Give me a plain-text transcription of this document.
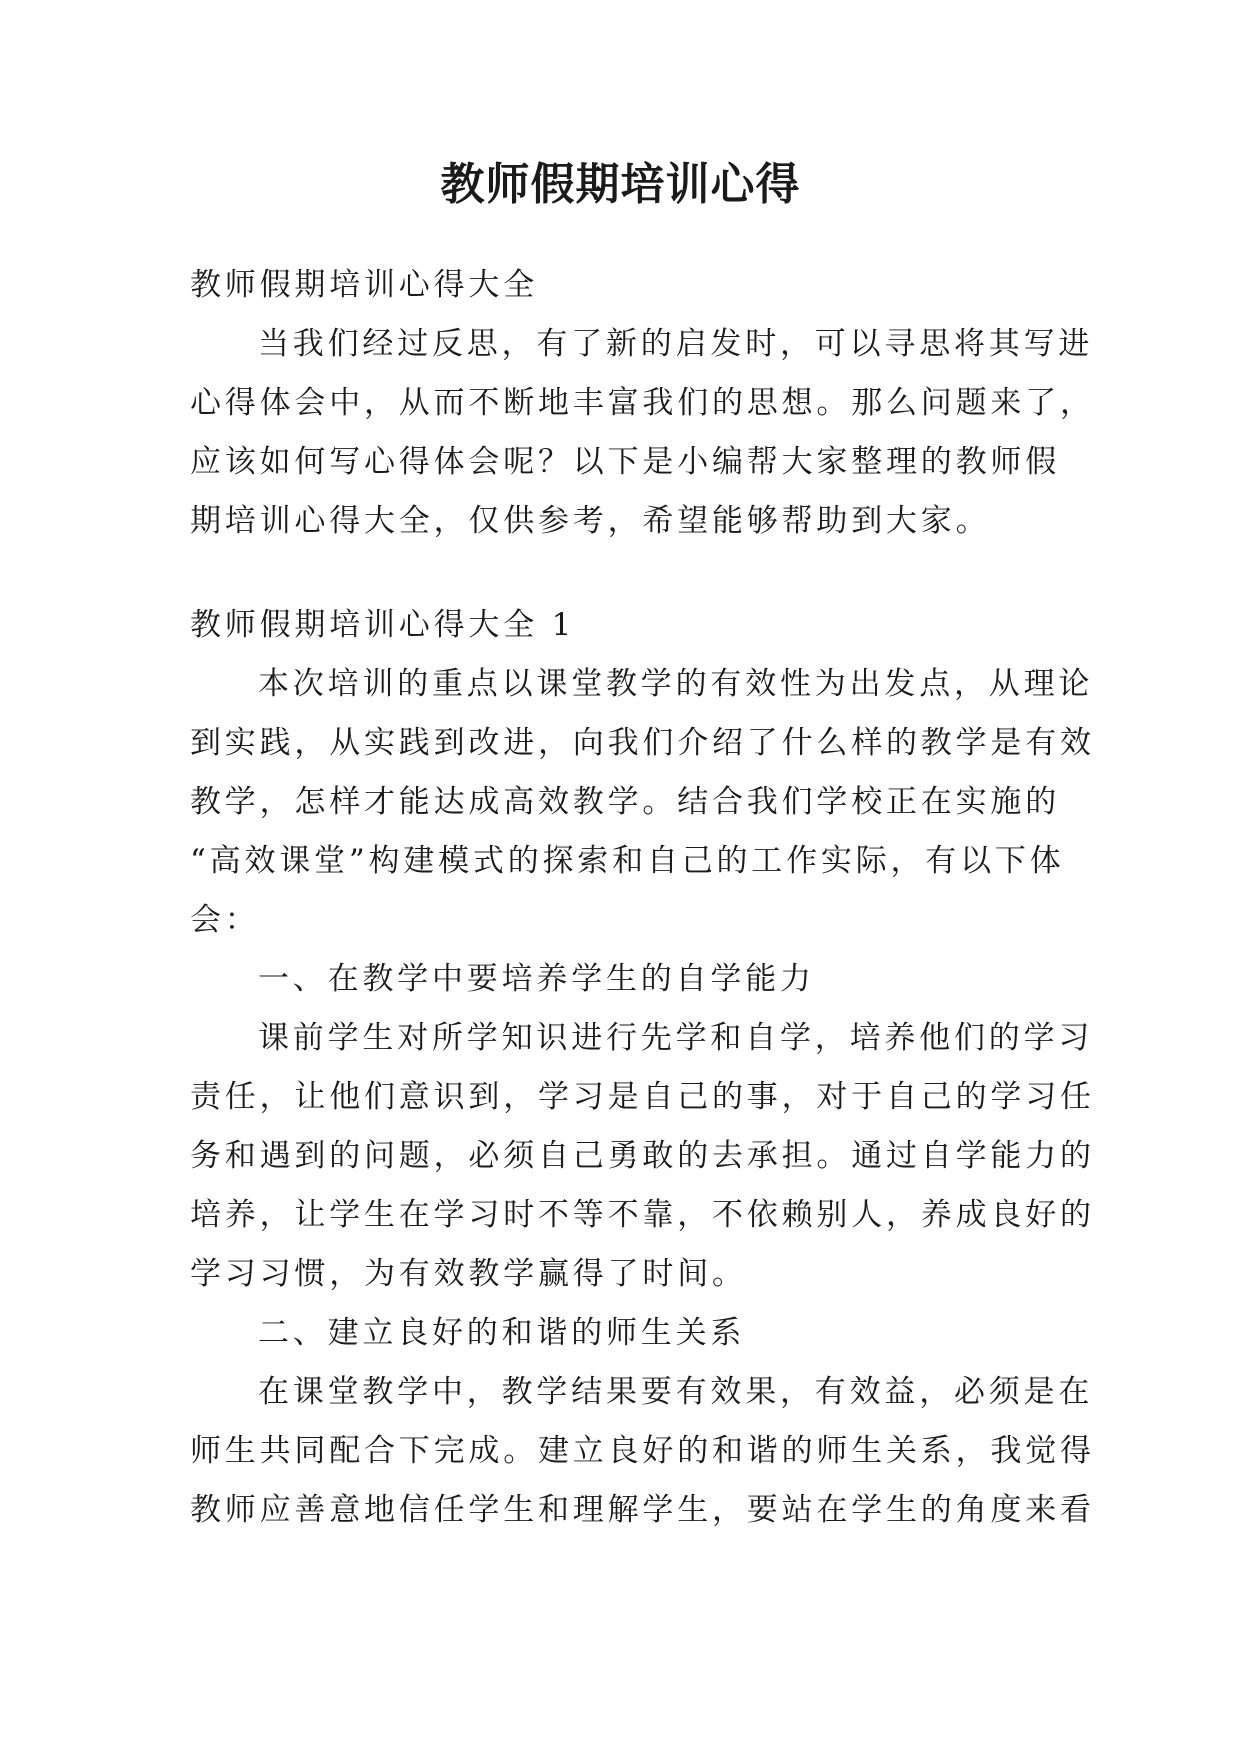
教师假期培训心得
教师假期培训心得大全
当我们经过反思，有了新的启发时，可以寻思将其写进
心得体会中，从而不断地丰富我们的思想。那么问题来了，
应该如何写心得体会呢？以下是小编帮大家整理的教师假
期培训心得大全，仅供参考，希望能够帮助到大家。
教师假期培训心得大全 1
本次培训的重点以课堂教学的有效性为出发点，从理论
到实践，从实践到改进，向我们介绍了什么样的教学是有效
教学，怎样才能达成高效教学。结合我们学校正在实施的
“高效课堂”构建模式的探索和自己的工作实际，有以下体
会：
一、在教学中要培养学生的自学能力
课前学生对所学知识进行先学和自学，培养他们的学习
责任，让他们意识到，学习是自己的事，对于自己的学习任
务和遇到的问题，必须自己勇敢的去承担。通过自学能力的
培养，让学生在学习时不等不靠，不依赖别人，养成良好的
学习习惯，为有效教学赢得了时间。
二、建立良好的和谐的师生关系
在课堂教学中，教学结果要有效果，有效益，必须是在
师生共同配合下完成。建立良好的和谐的师生关系，我觉得
教师应善意地信任学生和理解学生，要站在学生的角度来看
